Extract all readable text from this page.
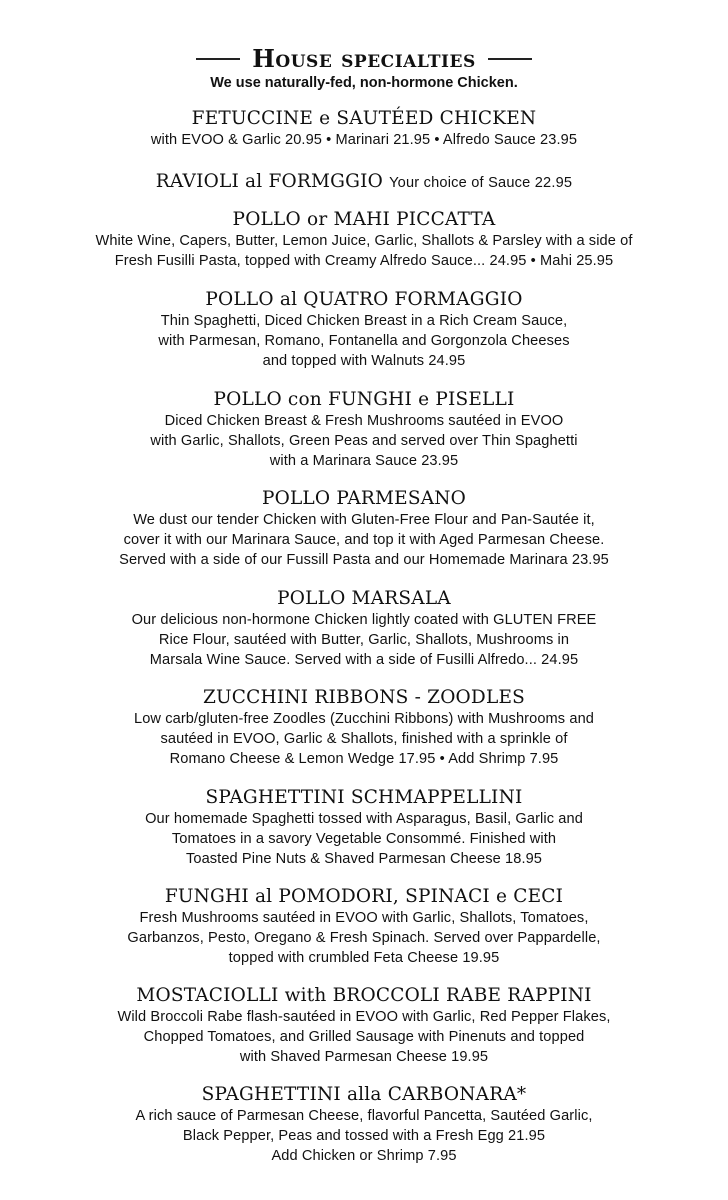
House specialties
We use naturally-fed, non-hormone Chicken.
FETUCCINE e SAUTÉED CHICKEN
with EVOO & Garlic 20.95 • Marinari 21.95 • Alfredo Sauce 23.95
RAVIOLI al FORMGGIO Your choice of Sauce 22.95
POLLO or MAHI PICCATTA
White Wine, Capers, Butter, Lemon Juice, Garlic, Shallots & Parsley with a side of
Fresh Fusilli Pasta, topped with Creamy Alfredo Sauce... 24.95 • Mahi 25.95
POLLO al QUATRO FORMAGGIO
Thin Spaghetti, Diced Chicken Breast in a Rich Cream Sauce,
with Parmesan, Romano, Fontanella and Gorgonzola Cheeses
and topped with Walnuts 24.95
POLLO con FUNGHI e PISELLI
Diced Chicken Breast & Fresh Mushrooms sautéed in EVOO
with Garlic, Shallots, Green Peas and served over Thin Spaghetti
with a Marinara Sauce 23.95
POLLO PARMESANO
We dust our tender Chicken with Gluten-Free Flour and Pan-Sautée it,
cover it with our Marinara Sauce, and top it with Aged Parmesan Cheese.
Served with a side of our Fussill Pasta and our Homemade Marinara 23.95
POLLO MARSALA
Our delicious non-hormone Chicken lightly coated with GLUTEN FREE
Rice Flour, sautéed with Butter, Garlic, Shallots, Mushrooms in
Marsala Wine Sauce. Served with a side of Fusilli Alfredo... 24.95
ZUCCHINI RIBBONS - ZOODLES
Low carb/gluten-free Zoodles (Zucchini Ribbons) with Mushrooms and
sautéed in EVOO, Garlic & Shallots, finished with a sprinkle of
Romano Cheese & Lemon Wedge 17.95 • Add Shrimp 7.95
SPAGHETTINI SCHMAPPELLINI
Our homemade Spaghetti tossed with Asparagus, Basil, Garlic and
Tomatoes in a savory Vegetable Consommé. Finished with
Toasted Pine Nuts & Shaved Parmesan Cheese 18.95
FUNGHI al POMODORI, SPINACI e CECI
Fresh Mushrooms sautéed in EVOO with Garlic, Shallots, Tomatoes,
Garbanzos, Pesto, Oregano & Fresh Spinach. Served over Pappardelle,
topped with crumbled Feta Cheese 19.95
MOSTACIOLLI with BROCCOLI RABE RAPPINI
Wild Broccoli Rabe flash-sautéed in EVOO with Garlic, Red Pepper Flakes,
Chopped Tomatoes, and Grilled Sausage with Pinenuts and topped
with Shaved Parmesan Cheese 19.95
SPAGHETTINI alla CARBONARA*
A rich sauce of Parmesan Cheese, flavorful Pancetta, Sautéed Garlic,
Black Pepper, Peas and tossed with a Fresh Egg 21.95
Add Chicken or Shrimp 7.95
